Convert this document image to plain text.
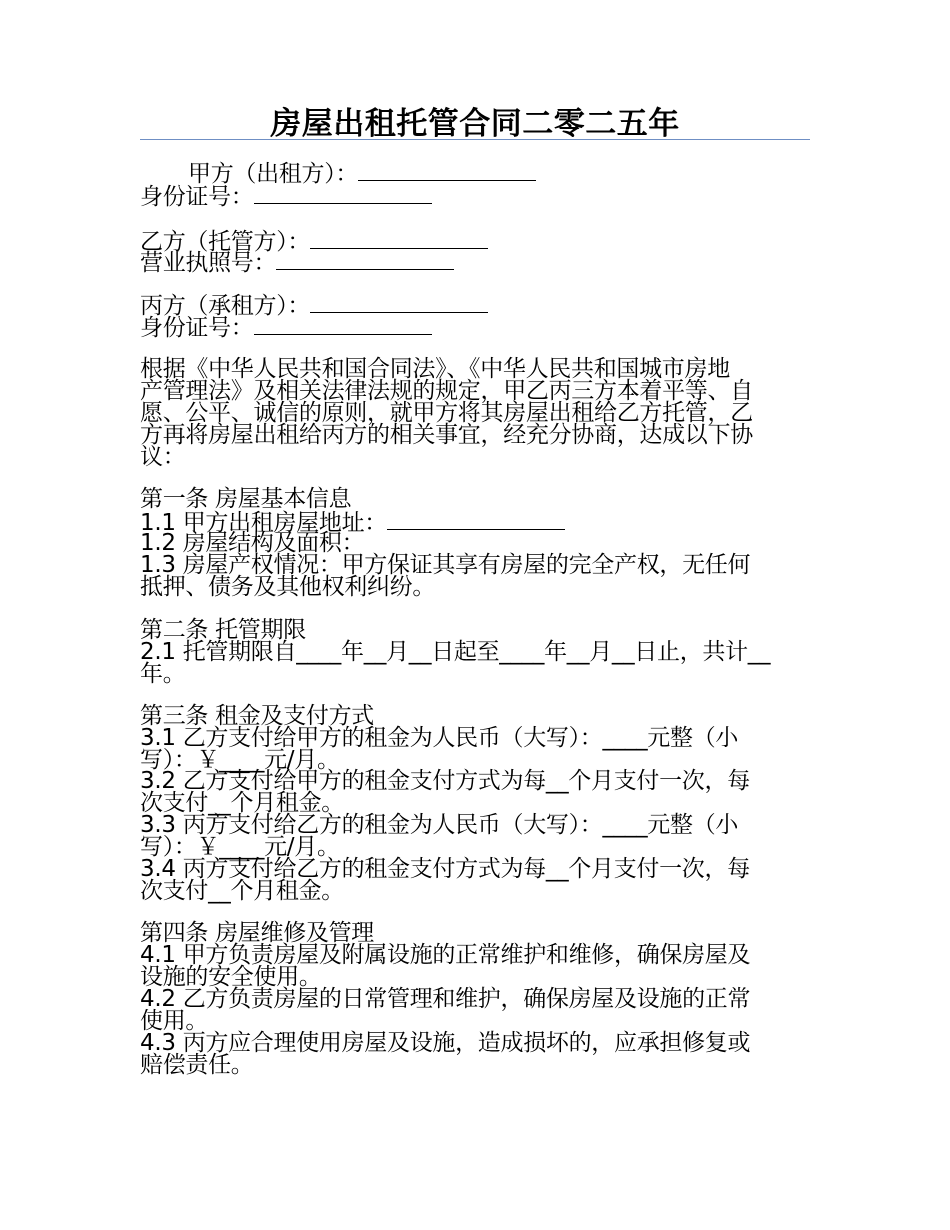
房屋出租托管合同二零二五年
甲方（出租方）：
身份证号：
乙方（托管方）：
营业执照号：
丙方（承租方）：
身份证号：
根据《中华人民共和国合同法》、《中华人民共和国城市房地
产管理法》及相关法律法规的规定，甲乙丙三方本着平等、自
愿、公平、诚信的原则，就甲方将其房屋出租给乙方托管，乙
方再将房屋出租给丙方的相关事宜，经充分协商，达成以下协
议：
第一条 房屋基本信息
1.1 甲方出租房屋地址：
1.2 房屋结构及面积：
1.3 房屋产权情况：甲方保证其享有房屋的完全产权，无任何
抵押、债务及其他权利纠纷。
第二条 托管期限
2.1 托管期限自____年__月__日起至____年__月__日止，共计__
年。
第三条 租金及支付方式
3.1 乙方支付给甲方的租金为人民币（大写）：____元整（小
写）：￥____元/月。
3.2 乙方支付给甲方的租金支付方式为每__个月支付一次，每
次支付__个月租金。
3.3 丙方支付给乙方的租金为人民币（大写）：____元整（小
写）：￥____元/月。
3.4 丙方支付给乙方的租金支付方式为每__个月支付一次，每
次支付__个月租金。
第四条 房屋维修及管理
4.1 甲方负责房屋及附属设施的正常维护和维修，确保房屋及
设施的安全使用。
4.2 乙方负责房屋的日常管理和维护，确保房屋及设施的正常
使用。
4.3 丙方应合理使用房屋及设施，造成损坏的，应承担修复或
赔偿责任。
